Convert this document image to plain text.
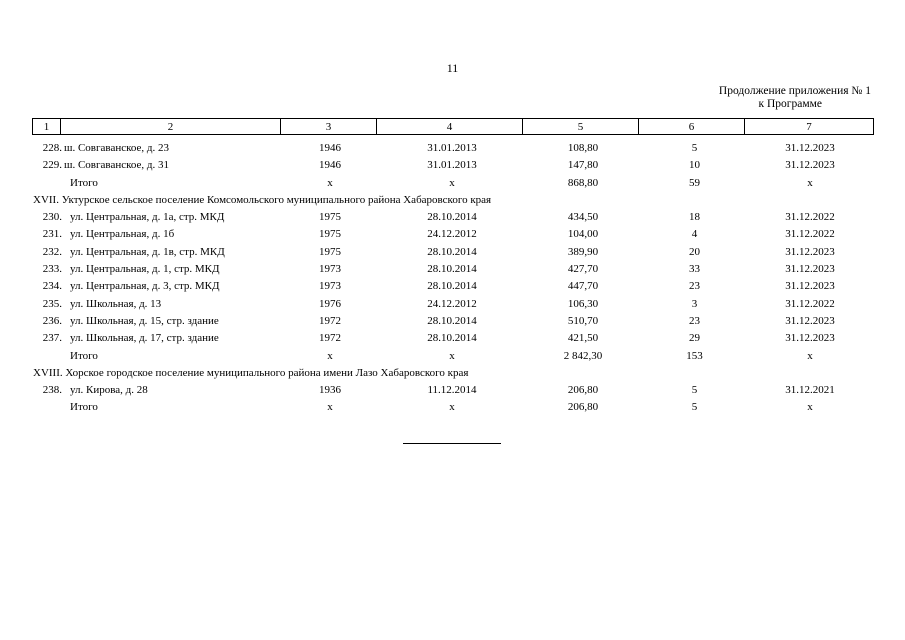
11
Продолжение приложения № 1
к Программе
1	2	3	4	5	6	7
228. ш. Совгаванское, д. 23	1946	31.01.2013	108,80	5	31.12.2023
229. ш. Совгаванское, д. 31	1946	31.01.2013	147,80	10	31.12.2023
Итого	x	x	868,80	59	x
XVII. Уктурское сельское поселение Комсомольского муниципального района Хабаровского края
230. ул. Центральная, д. 1а, стр. МКД	1975	28.10.2014	434,50	18	31.12.2022
231. ул. Центральная, д. 1б	1975	24.12.2012	104,00	4	31.12.2022
232. ул. Центральная, д. 1в, стр. МКД	1975	28.10.2014	389,90	20	31.12.2023
233. ул. Центральная, д. 1, стр. МКД	1973	28.10.2014	427,70	33	31.12.2023
234. ул. Центральная, д. 3, стр. МКД	1973	28.10.2014	447,70	23	31.12.2023
235. ул. Школьная, д. 13	1976	24.12.2012	106,30	3	31.12.2022
236. ул. Школьная, д. 15, стр. здание	1972	28.10.2014	510,70	23	31.12.2023
237. ул. Школьная, д. 17, стр. здание	1972	28.10.2014	421,50	29	31.12.2023
Итого	x	x	2 842,30	153	x
XVIII. Хорское городское поселение муниципального района имени Лазо Хабаровского края
238. ул. Кирова, д. 28	1936	11.12.2014	206,80	5	31.12.2021
Итого	x	x	206,80	5	x
